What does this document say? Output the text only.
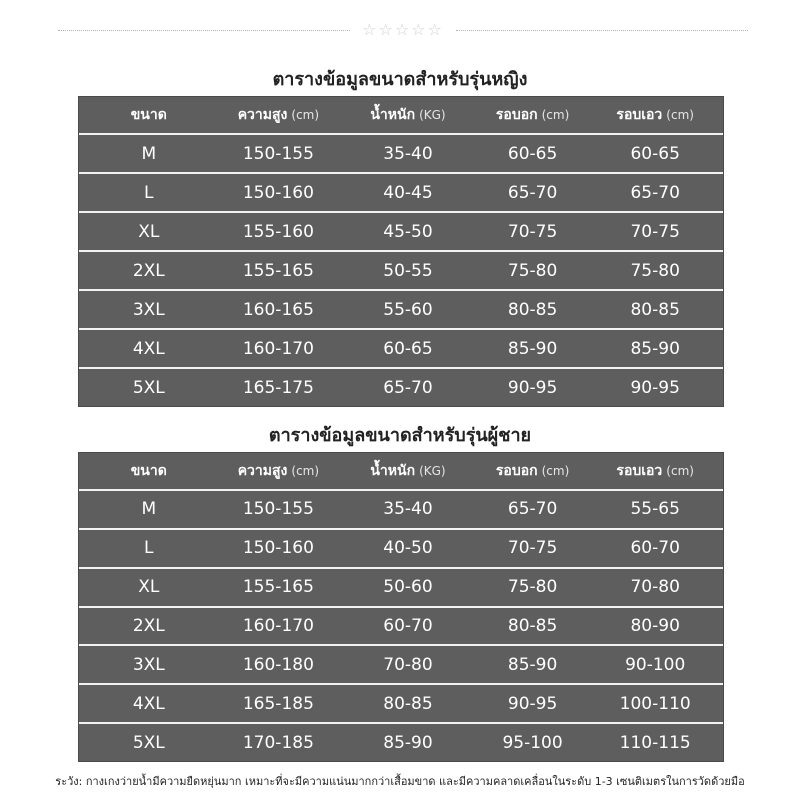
☆☆☆☆☆
ตารางข้อมูลขนาดสำหรับรุ่นหญิง
ขนาด	ความสูง (cm)	น้ำหนัก (KG)	รอบอก (cm)	รอบเอว (cm)
M	150-155	35-40	60-65	60-65
L	150-160	40-45	65-70	65-70
XL	155-160	45-50	70-75	70-75
2XL	155-165	50-55	75-80	75-80
3XL	160-165	55-60	80-85	80-85
4XL	160-170	60-65	85-90	85-90
5XL	165-175	65-70	90-95	90-95
ตารางข้อมูลขนาดสำหรับรุ่นผู้ชาย
ขนาด	ความสูง (cm)	น้ำหนัก (KG)	รอบอก (cm)	รอบเอว (cm)
M	150-155	35-40	65-70	55-65
L	150-160	40-50	70-75	60-70
XL	155-165	50-60	75-80	70-80
2XL	160-170	60-70	80-85	80-90
3XL	160-180	70-80	85-90	90-100
4XL	165-185	80-85	90-95	100-110
5XL	170-185	85-90	95-100	110-115
ระวัง: กางเกงว่ายน้ำมีความยืดหยุ่นมาก เหมาะที่จะมีความแน่นมากกว่าเสื้อมขาด และมีความคลาดเคลื่อนในระดับ 1-3 เซนติเมตรในการวัดด้วยมือ
